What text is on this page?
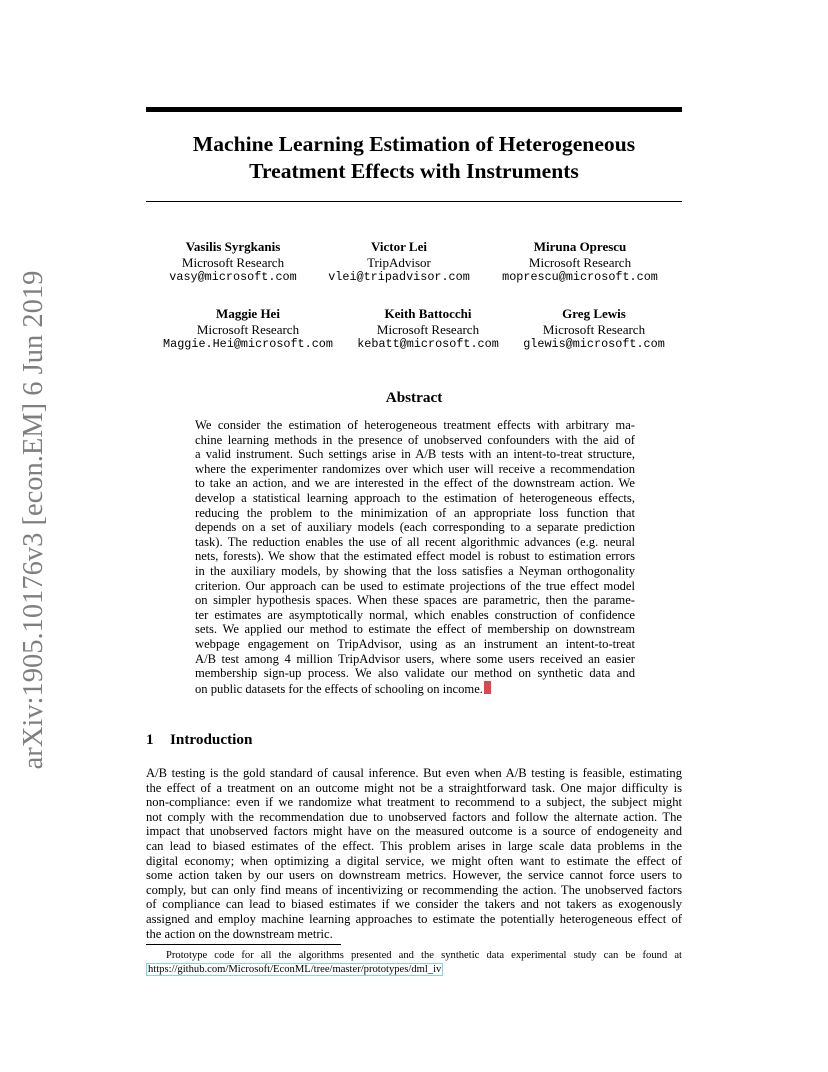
arXiv:1905.10176v3 [econ.EM] 6 Jun 2019
Machine Learning Estimation of Heterogeneous
Treatment Effects with Instruments
Vasilis Syrgkanis
Microsoft Research
vasy@microsoft.com
Victor Lei
TripAdvisor
vlei@tripadvisor.com
Miruna Oprescu
Microsoft Research
moprescu@microsoft.com
Maggie Hei
Microsoft Research
Maggie.Hei@microsoft.com
Keith Battocchi
Microsoft Research
kebatt@microsoft.com
Greg Lewis
Microsoft Research
glewis@microsoft.com
Abstract
We consider the estimation of heterogeneous treatment effects with arbitrary ma-
chine learning methods in the presence of unobserved confounders with the aid of
a valid instrument. Such settings arise in A/B tests with an intent-to-treat structure,
where the experimenter randomizes over which user will receive a recommendation
to take an action, and we are interested in the effect of the downstream action. We
develop a statistical learning approach to the estimation of heterogeneous effects,
reducing the problem to the minimization of an appropriate loss function that
depends on a set of auxiliary models (each corresponding to a separate prediction
task). The reduction enables the use of all recent algorithmic advances (e.g. neural
nets, forests). We show that the estimated effect model is robust to estimation errors
in the auxiliary models, by showing that the loss satisfies a Neyman orthogonality
criterion. Our approach can be used to estimate projections of the true effect model
on simpler hypothesis spaces. When these spaces are parametric, then the parame-
ter estimates are asymptotically normal, which enables construction of confidence
sets. We applied our method to estimate the effect of membership on downstream
webpage engagement on TripAdvisor, using as an instrument an intent-to-treat
A/B test among 4 million TripAdvisor users, where some users received an easier
membership sign-up process. We also validate our method on synthetic data and
on public datasets for the effects of schooling on income.
1 Introduction
A/B testing is the gold standard of causal inference. But even when A/B testing is feasible, estimating
the effect of a treatment on an outcome might not be a straightforward task. One major difficulty is
non-compliance: even if we randomize what treatment to recommend to a subject, the subject might
not comply with the recommendation due to unobserved factors and follow the alternate action. The
impact that unobserved factors might have on the measured outcome is a source of endogeneity and
can lead to biased estimates of the effect. This problem arises in large scale data problems in the
digital economy; when optimizing a digital service, we might often want to estimate the effect of
some action taken by our users on downstream metrics. However, the service cannot force users to
comply, but can only find means of incentivizing or recommending the action. The unobserved factors
of compliance can lead to biased estimates if we consider the takers and not takers as exogenously
assigned and employ machine learning approaches to estimate the potentially heterogeneous effect of
the action on the downstream metric.
Prototype code for all the algorithms presented and the synthetic data experimental study can be found at
https://github.com/Microsoft/EconML/tree/master/prototypes/dml_iv
